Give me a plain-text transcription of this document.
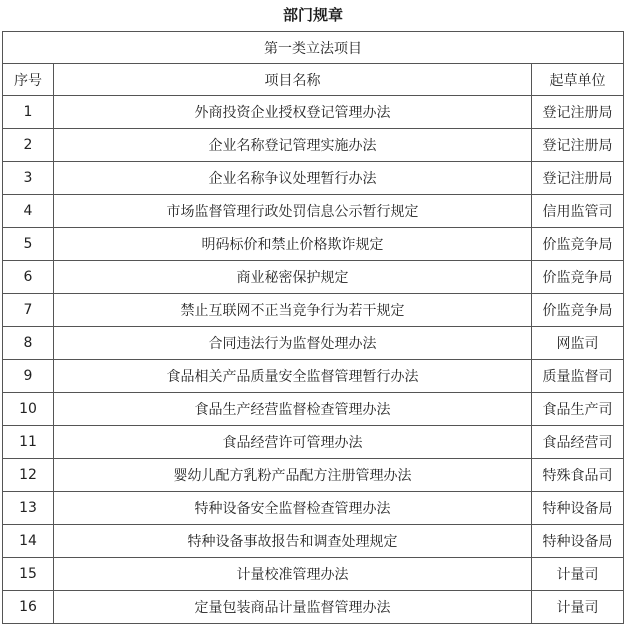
部门规章
第一类立法项目		
序号	项目名称	起草单位
1	外商投资企业授权登记管理办法	登记注册局
2	企业名称登记管理实施办法	登记注册局
3	企业名称争议处理暂行办法	登记注册局
4	市场监督管理行政处罚信息公示暂行规定	信用监管司
5	明码标价和禁止价格欺诈规定	价监竞争局
6	商业秘密保护规定	价监竞争局
7	禁止互联网不正当竞争行为若干规定	价监竞争局
8	合同违法行为监督处理办法	网监司
9	食品相关产品质量安全监督管理暂行办法	质量监督司
10	食品生产经营监督检查管理办法	食品生产司
11	食品经营许可管理办法	食品经营司
12	婴幼儿配方乳粉产品配方注册管理办法	特殊食品司
13	特种设备安全监督检查管理办法	特种设备局
14	特种设备事故报告和调查处理规定	特种设备局
15	计量校准管理办法	计量司
16	定量包装商品计量监督管理办法	计量司
